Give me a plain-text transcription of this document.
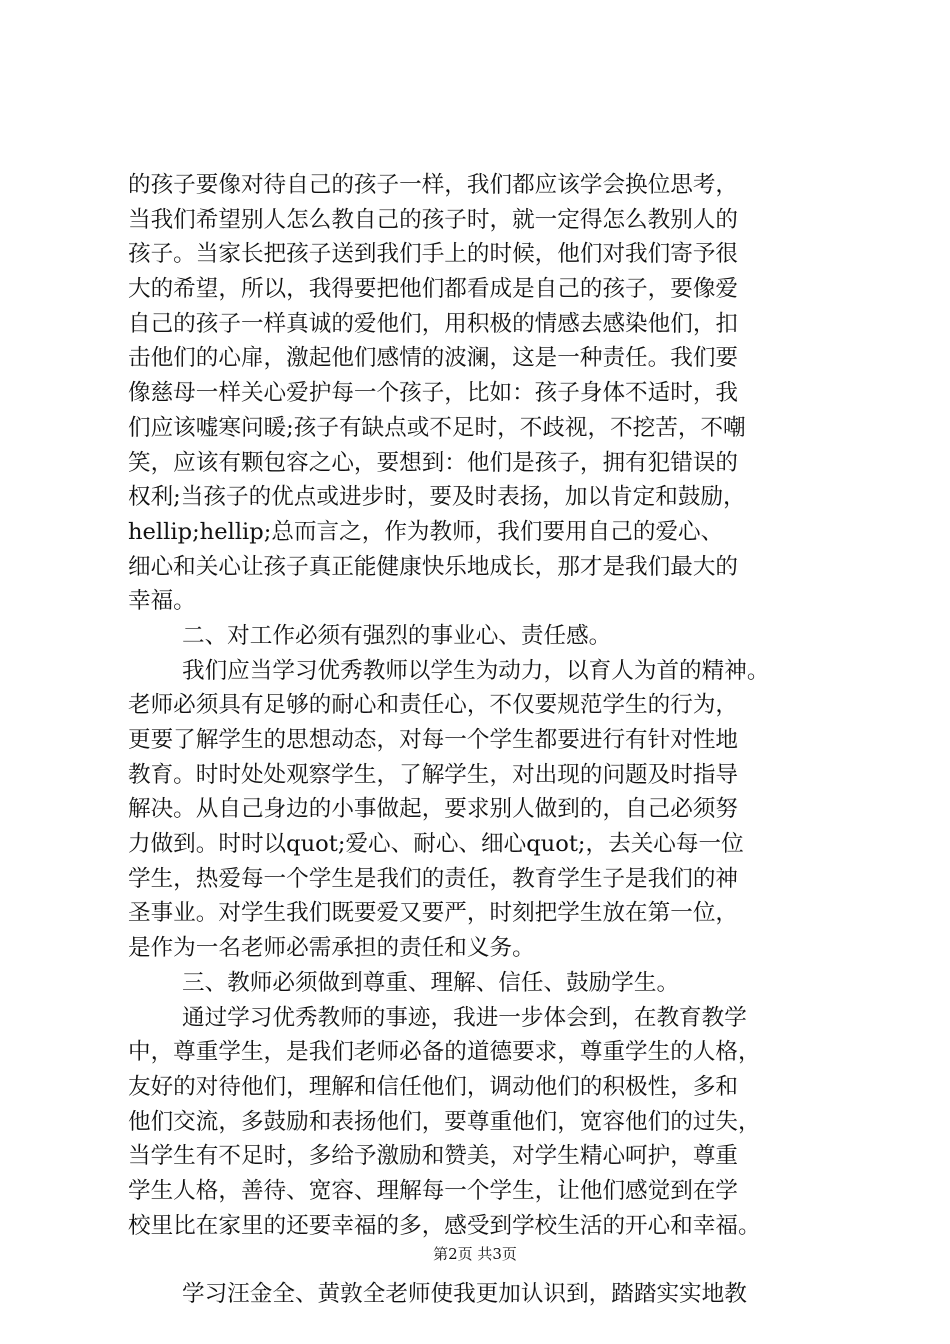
的孩子要像对待自己的孩子一样，我们都应该学会换位思考，
当我们希望别人怎么教自己的孩子时，就一定得怎么教别人的
孩子。当家长把孩子送到我们手上的时候，他们对我们寄予很
大的希望，所以，我得要把他们都看成是自己的孩子，要像爱
自己的孩子一样真诚的爱他们，用积极的情感去感染他们，扣
击他们的心扉，激起他们感情的波澜，这是一种责任。我们要
像慈母一样关心爱护每一个孩子，比如：孩子身体不适时，我
们应该嘘寒问暖;孩子有缺点或不足时，不歧视，不挖苦，不嘲
笑，应该有颗包容之心，要想到：他们是孩子，拥有犯错误的
权利;当孩子的优点或进步时，要及时表扬，加以肯定和鼓励，
hellip;hellip;总而言之，作为教师，我们要用自己的爱心、
细心和关心让孩子真正能健康快乐地成长，那才是我们最大的
幸福。
二、对工作必须有强烈的事业心、责任感。
我们应当学习优秀教师以学生为动力，以育人为首的精神。
老师必须具有足够的耐心和责任心，不仅要规范学生的行为，
更要了解学生的思想动态，对每一个学生都要进行有针对性地
教育。时时处处观察学生，了解学生，对出现的问题及时指导
解决。从自己身边的小事做起，要求别人做到的，自己必须努
力做到。时时以quot;爱心、耐心、细心quot;，去关心每一位
学生，热爱每一个学生是我们的责任，教育学生子是我们的神
圣事业。对学生我们既要爱又要严，时刻把学生放在第一位，
是作为一名老师必需承担的责任和义务。
三、教师必须做到尊重、理解、信任、鼓励学生。
通过学习优秀教师的事迹，我进一步体会到，在教育教学
中，尊重学生，是我们老师必备的道德要求，尊重学生的人格，
友好的对待他们，理解和信任他们，调动他们的积极性，多和
他们交流，多鼓励和表扬他们，要尊重他们，宽容他们的过失，
当学生有不足时，多给予激励和赞美，对学生精心呵护，尊重
学生人格，善待、宽容、理解每一个学生，让他们感觉到在学
校里比在家里的还要幸福的多，感受到学校生活的开心和幸福。
学习汪金全、黄敦全老师使我更加认识到，踏踏实实地教
第2页 共3页
